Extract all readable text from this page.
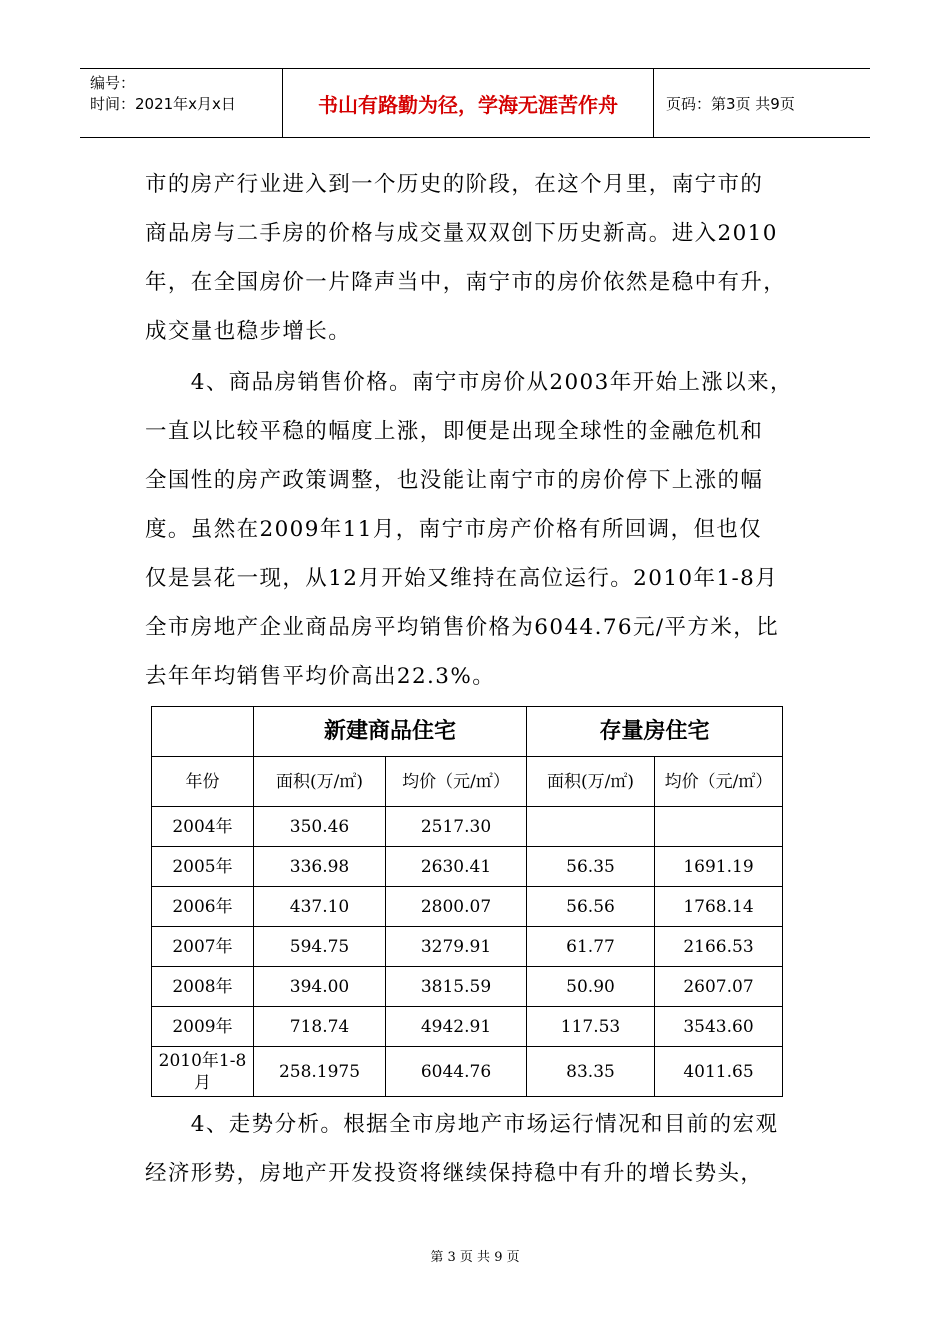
编号：
时间：2021年x月x日	书山有路勤为径，学海无涯苦作舟	页码：第3页 共9页

市的房产行业进入到一个历史的阶段，在这个月里，南宁市的
商品房与二手房的价格与成交量双双创下历史新高。进入2010
年，在全国房价一片降声当中，南宁市的房价依然是稳中有升，
成交量也稳步增长。

　　4、商品房销售价格。南宁市房价从2003年开始上涨以来，
一直以比较平稳的幅度上涨，即便是出现全球性的金融危机和
全国性的房产政策调整，也没能让南宁市的房价停下上涨的幅
度。虽然在2009年11月，南宁市房产价格有所回调，但也仅
仅是昙花一现，从12月开始又维持在高位运行。2010年1-8月
全市房地产企业商品房平均销售价格为6044.76元/平方米，比
去年年均销售平均价高出22.3%。

	新建商品住宅		存量房住宅	
年份	面积(万/㎡)	均价（元/㎡）	面积(万/㎡)	均价（元/㎡）
2004年	350.46	2517.30		
2005年	336.98	2630.41	56.35	1691.19
2006年	437.10	2800.07	56.56	1768.14
2007年	594.75	3279.91	61.77	2166.53
2008年	394.00	3815.59	50.90	2607.07
2009年	718.74	4942.91	117.53	3543.60
2010年1-8月	258.1975	6044.76	83.35	4011.65

　　4、走势分析。根据全市房地产市场运行情况和目前的宏观
经济形势，房地产开发投资将继续保持稳中有升的增长势头，

第 3 页 共 9 页
